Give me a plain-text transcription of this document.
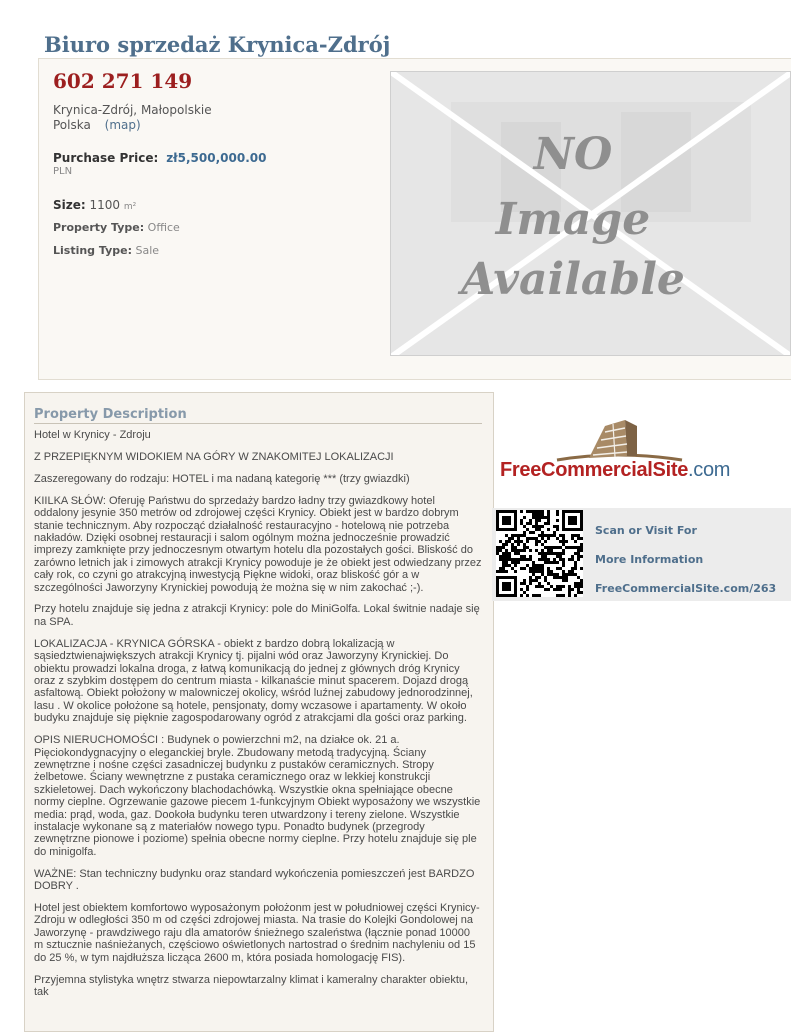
Biuro sprzedaż Krynica-Zdrój
602 271 149
Krynica-Zdrój, Małopolskie
Polska (map)
Purchase Price: zł5,500,000.00
PLN
Size: 1100 m²
Property Type: Office
Listing Type: Sale
NO
Image
Available
Property Description

Hotel w Krynicy - Zdroju

Z PRZEPIĘKNYM WIDOKIEM NA GÓRY W ZNAKOMITEJ LOKALIZACJI

Zaszeregowany do rodzaju: HOTEL i ma nadaną kategorię *** (trzy gwiazdki)

KIILKA SŁÓW: Oferuję Państwu do sprzedaży bardzo ładny trzy gwiazdkowy hotel oddalony jesynie 350 metrów od zdrojowej części Krynicy. Obiekt jest w bardzo dobrym stanie technicznym. Aby rozpocząć działalność restauracyjno - hotelową nie potrzeba nakładów. Dzięki osobnej restauracji i salom ogólnym można jednocześnie prowadzić imprezy zamknięte przy jednoczesnym otwartym hotelu dla pozostałych gości. Bliskość do zarówno letnich jak i zimowych atrakcji Krynicy powoduje je że obiekt jest odwiedzany przez cały rok, co czyni go atrakcyjną inwestycją Piękne widoki, oraz bliskość gór a w szczególności Jaworzyny Krynickiej powodują że można się w nim zakochać ;-).

Przy hotelu znajduje się jedna z atrakcji Krynicy: pole do MiniGolfa. Lokal świtnie nadaje się na SPA.

LOKALIZACJA - KRYNICA GÓRSKA - obiekt z bardzo dobrą lokalizacją w sąsiedztwienajwiększych atrakcji Krynicy tj. pijalni wód oraz Jaworzyny Krynickiej. Do obiektu prowadzi lokalna droga, z łatwą komunikacją do jednej z głównych dróg Krynicy oraz z szybkim dostępem do centrum miasta - kilkanaście minut spacerem. Dojazd drogą asfaltową. Obiekt położony w malowniczej okolicy, wśród luźnej zabudowy jednorodzinnej, lasu . W okolice położone są hotele, pensjonaty, domy wczasowe i apartamenty. W około budyku znajduje się pięknie zagospodarowany ogród z atrakcjami dla gości oraz parking.

OPIS NIERUCHOMOŚCI : Budynek o powierzchni m2, na działce ok. 21 a. Pięciokondygnacyjny o eleganckiej bryle. Zbudowany metodą tradycyjną. Ściany zewnętrzne i nośne części zasadniczej budynku z pustaków ceramicznych. Stropy żelbetowe. Ściany wewnętrzne z pustaka ceramicznego oraz w lekkiej konstrukcji szkieletowej. Dach wykończony blachodachówką. Wszystkie okna spełniające obecne normy cieplne. Ogrzewanie gazowe piecem 1-funkcyjnym Obiekt wyposażony we wszystkie media: prąd, woda, gaz. Dookoła budynku teren utwardzony i tereny zielone. Wszystkie instalacje wykonane są z materiałów nowego typu. Ponadto budynek (przegrody zewnętrzne pionowe i poziome) spełnia obecne normy cieplne. Przy hotelu znajduje się ple do minigolfa.

WAŻNE: Stan techniczny budynku oraz standard wykończenia pomieszczeń jest BARDZO DOBRY .

Hotel jest obiektem komfortowo wyposażonym położonm jest w południowej części Krynicy-Zdroju w odległości 350 m od części zdrojowej miasta. Na trasie do Kolejki Gondolowej na Jaworzynę - prawdziwego raju dla amatorów śnieżnego szaleństwa (łącznie ponad 10000 m sztucznie naśnieżanych, częściowo oświetlonych nartostrad o średnim nachyleniu od 15 do 25 %, w tym najdłuższa licząca 2600 m, która posiada homologację FIS).

Przyjemna stylistyka wnętrz stwarza niepowtarzalny klimat i kameralny charakter obiektu, tak

FreeCommercialSite.com
Scan or Visit For
More Information
FreeCommercialSite.com/263
